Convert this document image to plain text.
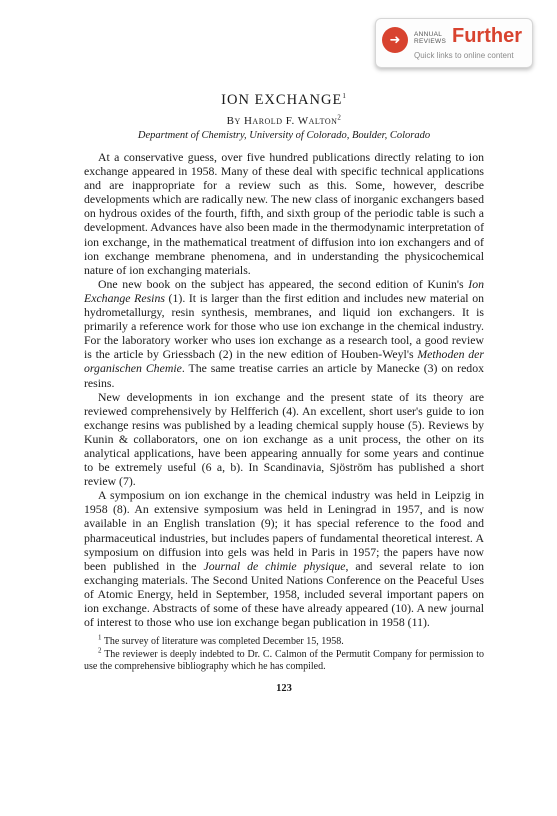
➜	ANNUAL
REVIEWS Further
Quick links to online content
ION EXCHANGE$^1$

By Harold F. Walton$^2$

Department of Chemistry, University of Colorado, Boulder, Colorado

At a conservative guess, over five hundred publications directly relating to ion exchange appeared in 1958. Many of these deal with specific technical applications and are inappropriate for a review such as this. Some, however, describe developments which are radically new. The new class of inorganic exchangers based on hydrous oxides of the fourth, fifth, and sixth group of the periodic table is such a development. Advances have also been made in the thermodynamic interpretation of ion exchange, in the mathematical treatment of diffusion into ion exchangers and of ion exchange membrane phenomena, and in understanding the physicochemical nature of ion exchanging materials.

One new book on the subject has appeared, the second edition of Kunin's Ion Exchange Resins (1). It is larger than the first edition and includes new material on hydrometallurgy, resin synthesis, membranes, and liquid ion exchangers. It is primarily a reference work for those who use ion exchange in the chemical industry. For the laboratory worker who uses ion exchange as a research tool, a good review is the article by Griessbach (2) in the new edition of Houben-Weyl's Methoden der organischen Chemie. The same treatise carries an article by Manecke (3) on redox resins.

New developments in ion exchange and the present state of its theory are reviewed comprehensively by Helfferich (4). An excellent, short user's guide to ion exchange resins was published by a leading chemical supply house (5). Reviews by Kunin & collaborators, one on ion exchange as a unit process, the other on its analytical applications, have been appearing annually for some years and continue to be extremely useful (6 a, b). In Scandinavia, Sjöström has published a short review (7).

A symposium on ion exchange in the chemical industry was held in Leipzig in 1958 (8). An extensive symposium was held in Leningrad in 1957, and is now available in an English translation (9); it has special reference to the food and pharmaceutical industries, but includes papers of fundamental theoretical interest. A symposium on diffusion into gels was held in Paris in 1957; the papers have now been published in the Journal de chimie physique, and several relate to ion exchanging materials. The Second United Nations Conference on the Peaceful Uses of Atomic Energy, held in September, 1958, included several important papers on ion exchange. Abstracts of some of these have already appeared (10). A new journal of interest to those who use ion exchange began publication in 1958 (11).

$^1$ The survey of literature was completed December 15, 1958.

$^2$ The reviewer is deeply indebted to Dr. C. Calmon of the Permutit Company for permission to use the comprehensive bibliography which he has compiled.

123
